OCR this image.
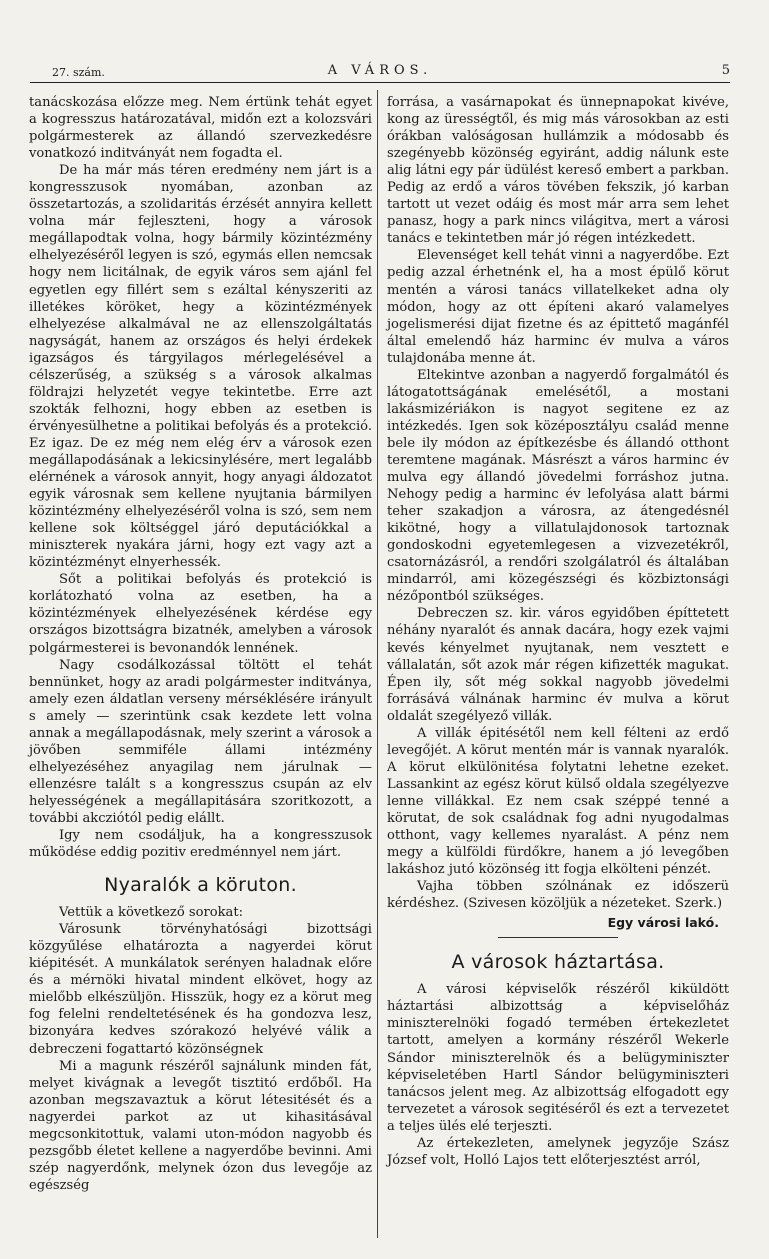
27. szám.	A VÁROS.	5

tanácskozása előzze meg. Nem értünk tehát egyet a kogresszus határozatával, midőn ezt a kolozsvári polgármesterek az állandó szervezkedésre vonatkozó inditványát nem fogadta el.

De ha már más téren eredmény nem járt is a kongresszusok nyomában, azonban az összetartozás, a szolidaritás érzését annyira kellett volna már fejleszteni, hogy a városok megállapodtak volna, hogy bármily közintézmény elhelyezéséről legyen is szó, egymás ellen nemcsak hogy nem licitálnak, de egyik város sem ajánl fel egyetlen egy fillért sem s ezáltal kényszeriti az illetékes köröket, hegy a közintézmények elhelyezése alkalmával ne az ellenszolgáltatás nagyságát, hanem az országos és helyi érdekek igazságos és tárgyilagos mérlegelésével a célszerűség, a szükség s a városok alkalmas földrajzi helyzetét vegye tekintetbe. Erre azt szokták felhozni, hogy ebben az esetben is érvényesülhetne a politikai befolyás és a protekció. Ez igaz. De ez még nem elég érv a városok ezen megállapodásának a lekicsinylésére, mert legalább elérnének a városok annyit, hogy anyagi áldozatot egyik városnak sem kellene nyujtania bármilyen közintézmény elhelyezéséről volna is szó, sem nem kellene sok költséggel járó deputációkkal a miniszterek nyakára járni, hogy ezt vagy azt a közintézményt elnyerhessék.

Sőt a politikai befolyás és protekció is korlátozható volna az esetben, ha a közintézmények elhelyezésének kérdése egy országos bizottságra bizatnék, amelyben a városok polgármesterei is bevonandók lennének.

Nagy csodálkozással töltött el tehát bennünket, hogy az aradi polgármester inditványa, amely ezen áldatlan verseny mérséklésére irányult s amely — szerintünk csak kezdete lett volna annak a megállapodásnak, mely szerint a városok a jövőben semmiféle állami intézmény elhelyezéséhez anyagilag nem járulnak — ellenzésre talált s a kongresszus csupán az elv helyességének a megállapitására szoritkozott, a további akcziótól pedig elállt.

Igy nem csodáljuk, ha a kongresszusok működése eddig pozitiv eredménnyel nem járt.

Nyaralók a köruton.

Vettük a következő sorokat:

Városunk törvényhatósági bizottsági közgyűlése elhatározta a nagyerdei körut kiépitését. A munkálatok serényen haladnak előre és a mérnöki hivatal mindent elkövet, hogy az mielőbb elkészüljön. Hisszük, hogy ez a körut meg fog felelni rendeltetésének és ha gondozva lesz, bizonyára kedves szórakozó helyévé válik a debreczeni fogattartó közönségnek

Mi a magunk részéről sajnálunk minden fát, melyet kivágnak a levegőt tisztitó erdőből. Ha azonban megszavaztuk a körut létesitését és a nagyerdei parkot az ut kihasitásával megcsonkitottuk, valami uton-módon nagyobb és pezsgőbb életet kellene a nagyerdőbe bevinni. Ami szép nagyerdőnk, melynek ózon dus levegője az egészség

forrása, a vasárnapokat és ünnepnapokat kivéve, kong az ürességtől, és mig más városokban az esti órákban valóságosan hullámzik a módosabb és szegényebb közönség egyiránt, addig nálunk este alig látni egy pár üdülést kereső embert a parkban. Pedig az erdő a város tövében fekszik, jó karban tartott ut vezet odáig és most már arra sem lehet panasz, hogy a park nincs világitva, mert a városi tanács e tekintetben már jó régen intézkedett.

Elevenséget kell tehát vinni a nagyerdőbe. Ezt pedig azzal érhetnénk el, ha a most épülő körut mentén a városi tanács villatelkeket adna oly módon, hogy az ott építeni akaró valamelyes jogelismerési dijat fizetne és az épittető magánfél által emelendő ház harminc év mulva a város tulajdonába menne át.

Eltekintve azonban a nagyerdő forgalmától és látogatottságának emelésétől, a mostani lakásmizériákon is nagyot segitene ez az intézkedés. Igen sok középosztályu család menne bele ily módon az építkezésbe és állandó otthont teremtene magának. Másrészt a város harminc év mulva egy állandó jövedelmi forráshoz jutna. Nehogy pedig a harminc év lefolyása alatt bármi teher szakadjon a városra, az átengedésnél kikötné, hogy a villatulajdonosok tartoznak gondoskodni egyetemlegesen a vizvezetékről, csatornázásról, a rendőri szolgálatról és általában mindarról, ami közegészségi és közbiztonsági nézőpontból szükséges.

Debreczen sz. kir. város egyidőben építtetett néhány nyaralót és annak dacára, hogy ezek vajmi kevés kényelmet nyujtanak, nem vesztett e vállalatán, sőt azok már régen kifizették magukat. Épen ily, sőt még sokkal nagyobb jövedelmi forrásává válnának harminc év mulva a körut oldalát szegélyező villák.

A villák épitésétől nem kell félteni az erdő levegőjét. A körut mentén már is vannak nyaralók. A körut elkülönitésa folytatni lehetne ezeket. Lassankint az egész körut külső oldala szegélyezve lenne villákkal. Ez nem csak széppé tenné a körutat, de sok családnak fog adni nyugodalmas otthont, vagy kellemes nyaralást. A pénz nem megy a külföldi fürdőkre, hanem a jó levegőben lakáshoz jutó közönség itt fogja elkölteni pénzét.

Vajha többen szólnának ez időszerü kérdéshez. (Szivesen közöljük a nézeteket. Szerk.)

Egy városi lakó.
A városok háztartása.

A városi képviselők részéről kiküldött háztartási albizottság a képviselőház miniszterelnöki fogadó termében értekezletet tartott, amelyen a kormány részéről Wekerle Sándor miniszterelnök és a belügyminiszter képviseletében Hartl Sándor belügyminiszteri tanácsos jelent meg. Az albizottság elfogadott egy tervezetet a városok segitéséről és ezt a tervezetet a teljes ülés elé terjeszti.

Az értekezleten, amelynek jegyzője Szász József volt, Holló Lajos tett előterjesztést arról,
